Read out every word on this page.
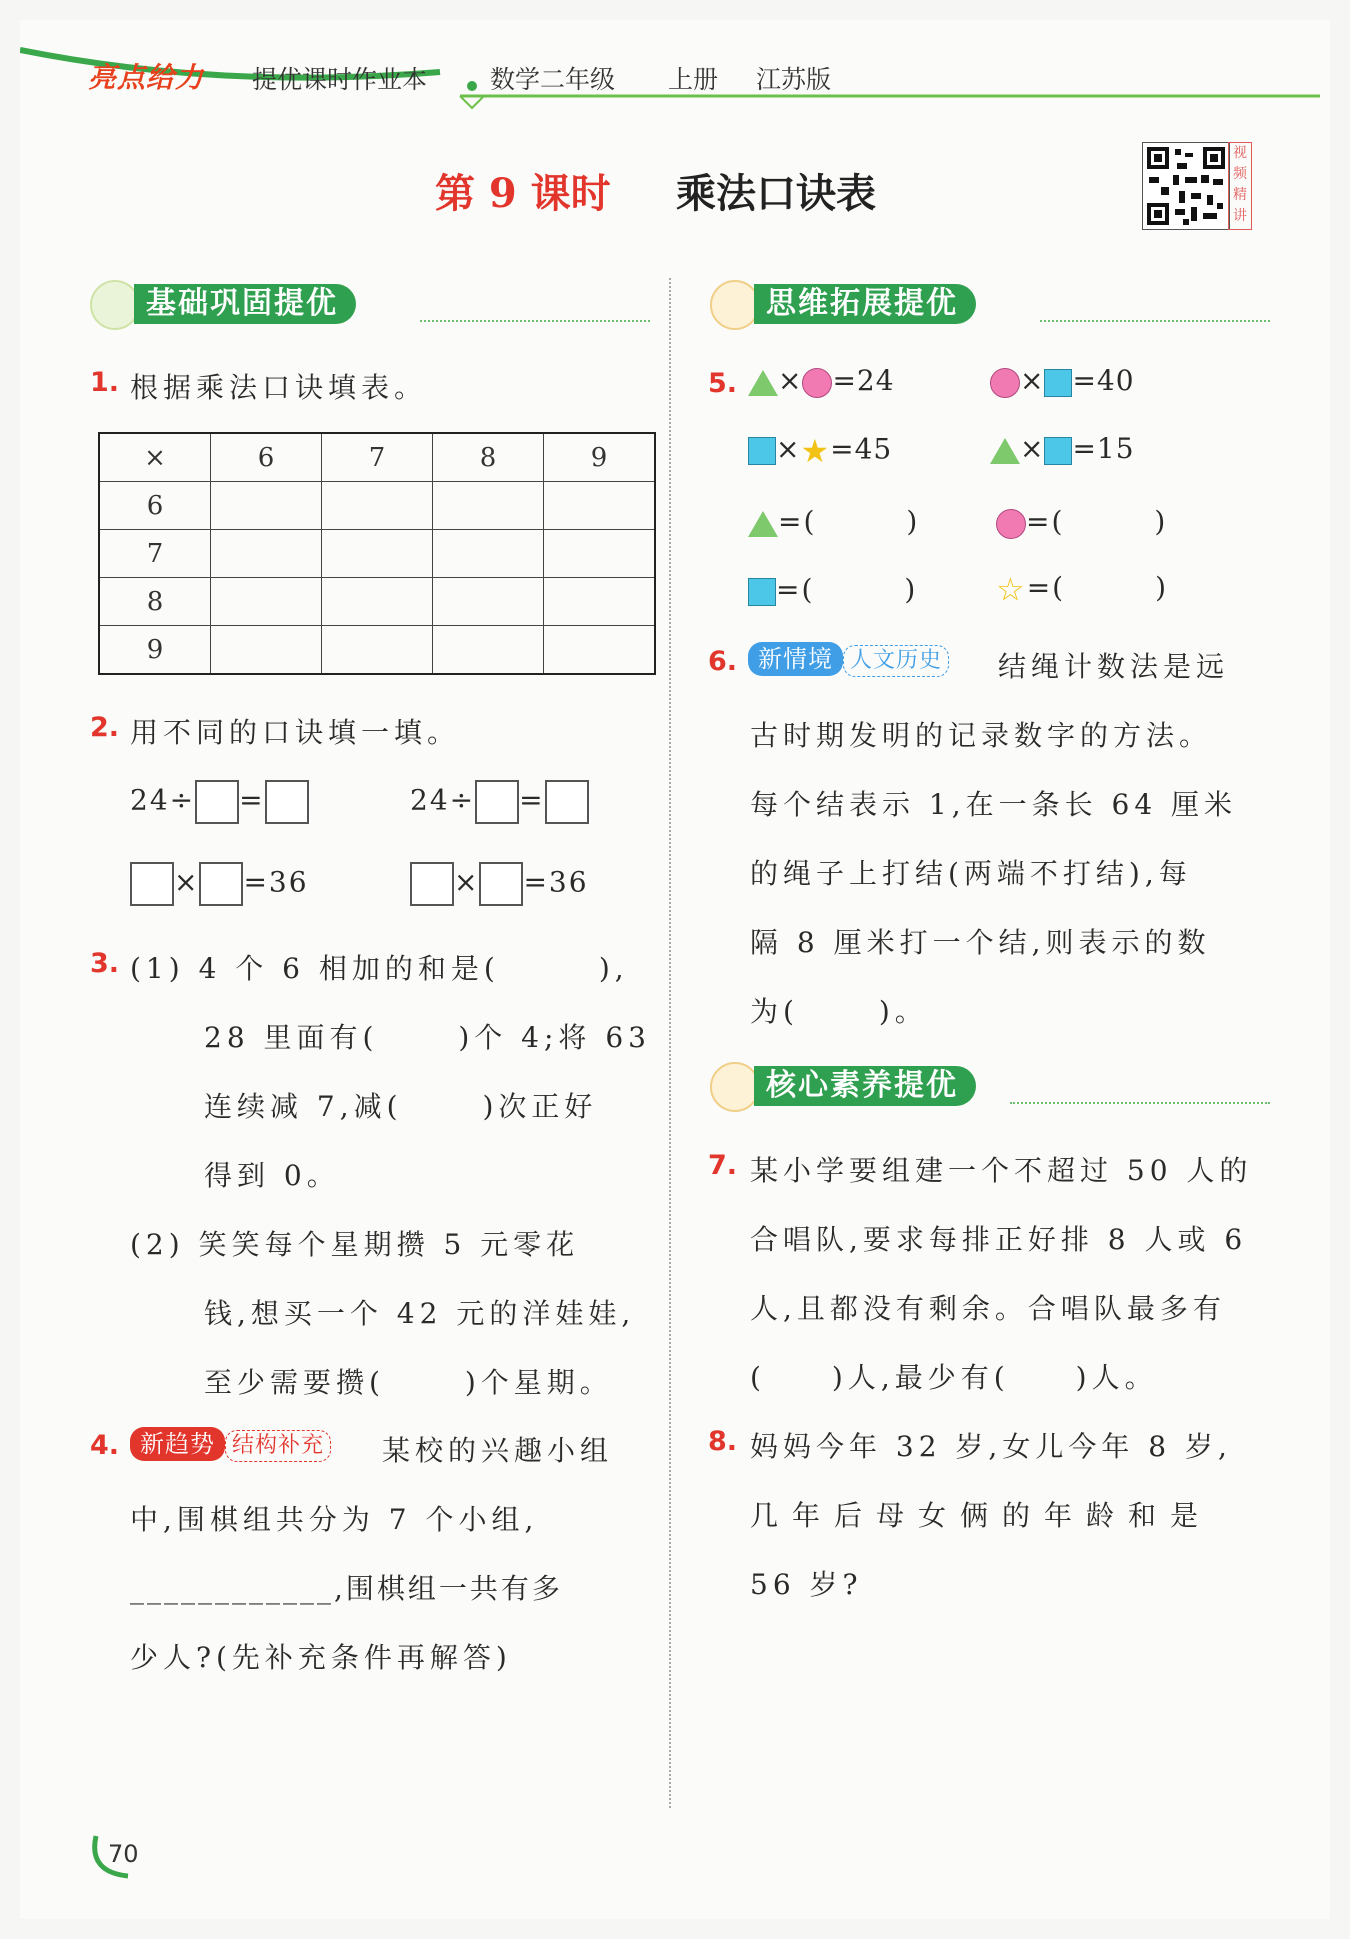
亮点给力 提优课时作业本	数学二年级 上册 江苏版
第 9 课时 乘法口诀表
视频精讲
基础巩固提优
1. 根据乘法口诀填表。
×	6	7	8	9
6				
7				
8				
9				
2. 用不同的口诀填一填。
24÷ =	24÷ =
× =36	× =36
3. (1) 4 个 6 相加的和是(　　　),
28 里面有(　　 )个 4;将 63
连续减 7,减(　　 )次正好
得到 0。
(2) 笑笑每个星期攒 5 元零花
钱,想买一个 42 元的洋娃娃,
至少需要攒(　　 )个星期。
4. 新趋势 结构补充 某校的兴趣小组
中,围棋组共分为 7 个小组,
____________,围棋组一共有多
少人?(先补充条件再解答)
思维拓展提优
5.	× =24	× =40
×★=45	× =15
=(　　　)	=(　　　)
=(　　　) ☆=(　　　)
6. 新情境 人文历史 结绳计数法是远
古时期发明的记录数字的方法。
每个结表示 1,在一条长 64 厘米
的绳子上打结(两端不打结),每
隔 8 厘米打一个结,则表示的数
为(　　 )。
核心素养提优
7. 某小学要组建一个不超过 50 人的
合唱队,要求每排正好排 8 人或 6
人,且都没有剩余。合唱队最多有
(　　)人,最少有(　　)人。
8. 妈妈今年 32 岁,女儿今年 8 岁,
几年后母女俩的年龄和是
56 岁?
70
